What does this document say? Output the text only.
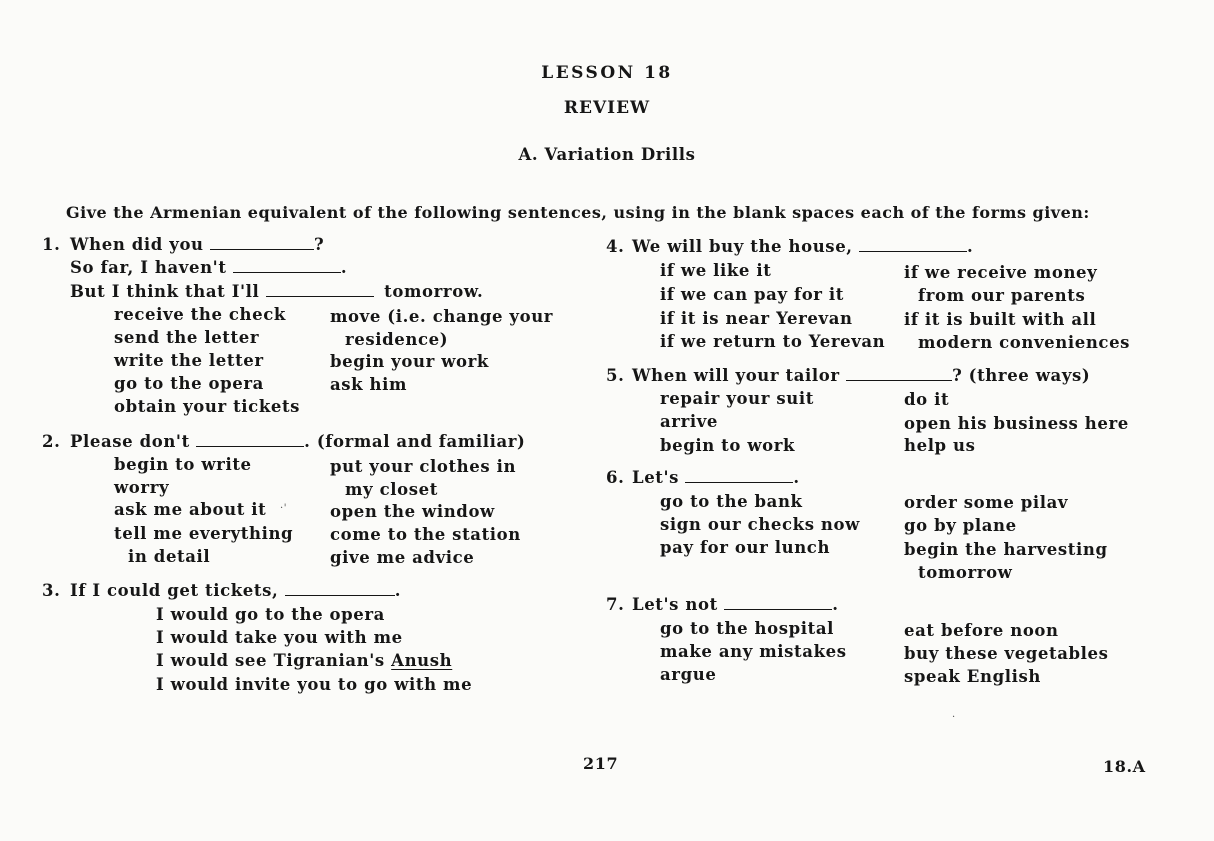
LESSON 18
REVIEW
A. Variation Drills
Give the Armenian equivalent of the following sentences, using in the blank spaces each of the forms given:
1. When did you	?
So far, I haven't	.
But I think that I'll	tomorrow.
receive the check
send the letter
write the letter
go to the opera
obtain your tickets
move (i.e. change your
residence)
begin your work
ask him
2. Please don't	. (formal and familiar)
begin to write
worry
ask me about it
tell me everything
in detail
put your clothes in
my closet
open the window
come to the station
give me advice
3. If I could get tickets,	.
I would go to the opera
I would take you with me
I would see Tigranian's Anush
I would invite you to go with me
4. We will buy the house,	.
if we like it
if we can pay for it
if it is near Yerevan
if we return to Yerevan
if we receive money
from our parents
if it is built with all
modern conveniences
5. When will your tailor	? (three ways)
repair your suit
arrive
begin to work
do it
open his business here
help us
6. Let's	.
go to the bank
sign our checks now
pay for our lunch
order some pilav
go by plane
begin the harvesting
tomorrow
7. Let's not	.
go to the hospital
make any mistakes
argue
eat before noon
buy these vegetables
speak English
217	18.A
·'
·
